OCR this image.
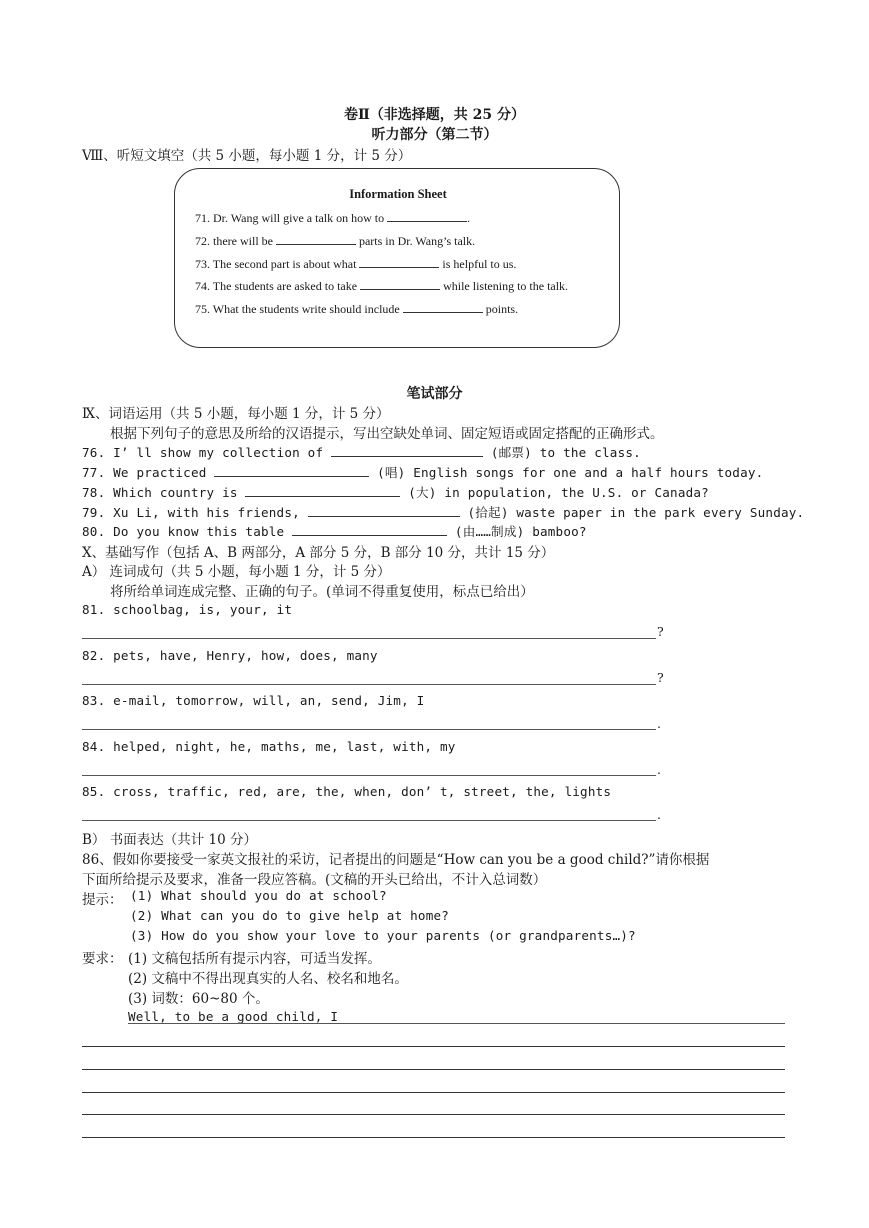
卷Ⅱ（非选择题，共 25 分）
听力部分（第二节）
Ⅷ、听短文填空（共 5 小题，每小题 1 分，计 5 分）
Information Sheet
71. Dr. Wang will give a talk on how to	.
72. there will be	parts in Dr. Wang’s talk.
73. The second part is about what	is helpful to us.
74. The students are asked to take	while listening to the talk.
75. What the students write should include	points.
笔试部分
Ⅸ、词语运用（共 5 小题，每小题 1 分，计 5 分）
根据下列句子的意思及所给的汉语提示，写出空缺处单词、固定短语或固定搭配的正确形式。
76. I’ ll show my collection of	(邮票) to the class.
77. We practiced	(唱) English songs for one and a half hours today.
78. Which country is	(大) in population, the U.S. or Canada?
79. Xu Li, with his friends,	(拾起) waste paper in the park every Sunday.
80. Do you know this table	(由……制成) bamboo?
Ⅹ、基础写作（包括 A、B 两部分，A 部分 5 分，B 部分 10 分，共计 15 分）
A） 连词成句（共 5 小题，每小题 1 分，计 5 分）
将所给单词连成完整、正确的句子。(单词不得重复使用，标点已给出）
81. schoolbag, is, your, it
?
82. pets, have, Henry, how, does, many
?
83. e-mail, tomorrow, will, an, send, Jim, I
.
84. helped, night, he, maths, me, last, with, my
.
85. cross, traffic, red, are, the, when, don’ t, street, the, lights
.
B） 书面表达（共计 10 分）
86、假如你要接受一家英文报社的采访，记者提出的问题是“How can you be a good child?”请你根据
下面所给提示及要求，准备一段应答稿。(文稿的开头已给出，不计入总词数）
提示： (1) What should you do at school?
(2) What can you do to give help at home?
(3) How do you show your love to your parents (or grandparents…)?
要求： (1) 文稿包括所有提示内容，可适当发挥。
(2) 文稿中不得出现真实的人名、校名和地名。
(3) 词数：60~80 个。
Well, to be a good child, I
